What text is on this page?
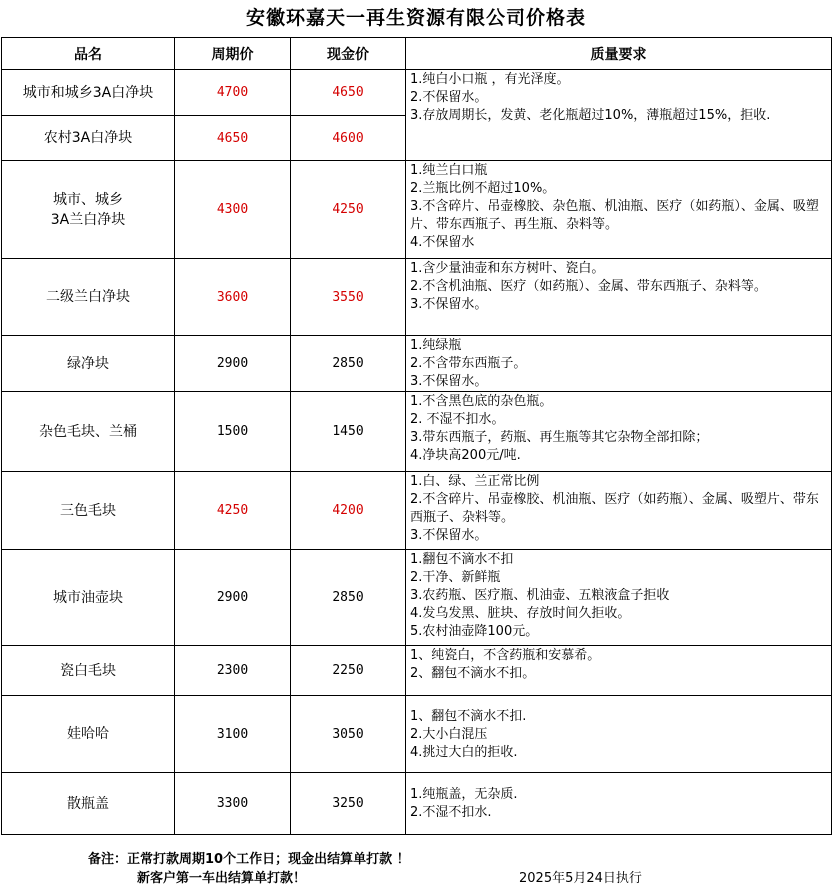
安徽环嘉天一再生资源有限公司价格表
品名	周期价	现金价	质量要求

城市和城乡3A白净块	4700	4650	1.纯白小口瓶 ，有光泽度。
2.不保留水。
3.存放周期长，发黄、老化瓶超过10%，薄瓶超过15%，拒收.

农村3A白净块	4650	4600	

城市、城乡
3A兰白净块	4300	4250	1.纯兰白口瓶
2.兰瓶比例不超过10%。
3.不含碎片、吊壶橡胶、杂色瓶、机油瓶、医疗（如药瓶）、金属、吸塑片、带东西瓶子、再生瓶、杂料等。
4.不保留水

二级兰白净块	3600	3550	1.含少量油壶和东方树叶、瓷白。
2.不含机油瓶、医疗（如药瓶）、金属、带东西瓶子、杂料等。
3.不保留水。

绿净块	2900	2850	1.纯绿瓶
2.不含带东西瓶子。
3.不保留水。

杂色毛块、兰桶	1500	1450	1.不含黑色底的杂色瓶。
2. 不湿不扣水。
3.带东西瓶子，药瓶、再生瓶等其它杂物全部扣除；
4.净块高200元/吨.

三色毛块	4250	4200	1.白、绿、兰正常比例
2.不含碎片、吊壶橡胶、机油瓶、医疗（如药瓶）、金属、吸塑片、带东西瓶子、杂料等。
3.不保留水。

城市油壶块	2900	2850	1.翻包不滴水不扣
2.干净、新鲜瓶
3.农药瓶、医疗瓶、机油壶、五粮液盒子拒收
4.发乌发黑、脏块、存放时间久拒收。
5.农村油壶降100元。

瓷白毛块	2300	2250	1、纯瓷白，不含药瓶和安慕希。
2、翻包不滴水不扣。

娃哈哈	3100	3050	1、翻包不滴水不扣.
2.大小白混压
4.挑过大白的拒收.

散瓶盖	3300	3250	1.纯瓶盖，无杂质.
2.不湿不扣水.
备注：正常打款周期10个工作日；现金出结算单打款 ！
新客户第一车出结算单打款！	2025年5月24日执行
